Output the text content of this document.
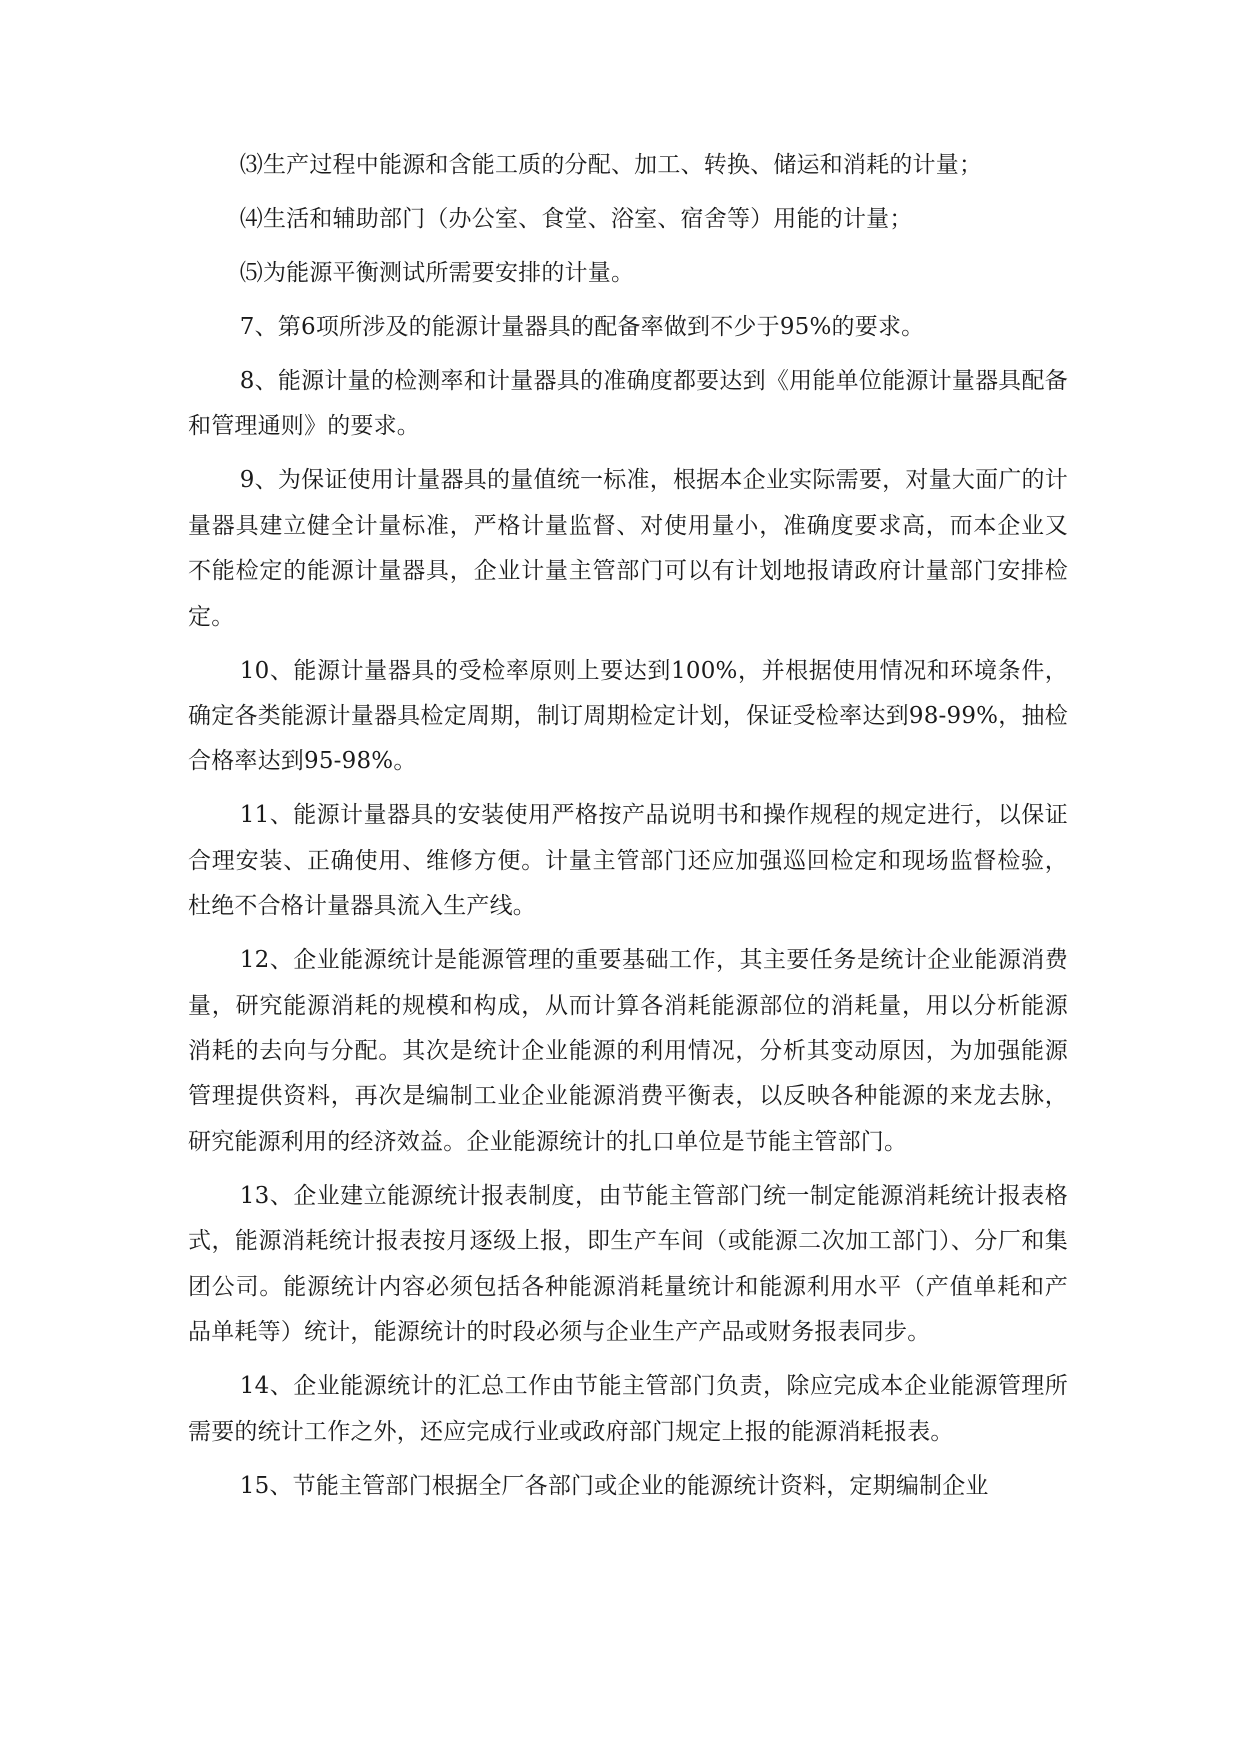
⑶生产过程中能源和含能工质的分配、加工、转换、储运和消耗的计量；

⑷生活和辅助部门（办公室、食堂、浴室、宿舍等）用能的计量；

⑸为能源平衡测试所需要安排的计量。

7、第6项所涉及的能源计量器具的配备率做到不少于95%的要求。

8、能源计量的检测率和计量器具的准确度都要达到《用能单位能源计量器具配备和管理通则》的要求。

9、为保证使用计量器具的量值统一标准，根据本企业实际需要，对量大面广的计量器具建立健全计量标准，严格计量监督、对使用量小，准确度要求高，而本企业又不能检定的能源计量器具，企业计量主管部门可以有计划地报请政府计量部门安排检定。

10、能源计量器具的受检率原则上要达到100%，并根据使用情况和环境条件，确定各类能源计量器具检定周期，制订周期检定计划，保证受检率达到98-99%，抽检合格率达到95-98%。

11、能源计量器具的安装使用严格按产品说明书和操作规程的规定进行，以保证合理安装、正确使用、维修方便。计量主管部门还应加强巡回检定和现场监督检验，杜绝不合格计量器具流入生产线。

12、企业能源统计是能源管理的重要基础工作，其主要任务是统计企业能源消费量，研究能源消耗的规模和构成，从而计算各消耗能源部位的消耗量，用以分析能源消耗的去向与分配。其次是统计企业能源的利用情况，分析其变动原因，为加强能源管理提供资料，再次是编制工业企业能源消费平衡表，以反映各种能源的来龙去脉，研究能源利用的经济效益。企业能源统计的扎口单位是节能主管部门。

13、企业建立能源统计报表制度，由节能主管部门统一制定能源消耗统计报表格式，能源消耗统计报表按月逐级上报，即生产车间（或能源二次加工部门）、分厂和集团公司。能源统计内容必须包括各种能源消耗量统计和能源利用水平（产值单耗和产品单耗等）统计，能源统计的时段必须与企业生产产品或财务报表同步。

14、企业能源统计的汇总工作由节能主管部门负责，除应完成本企业能源管理所需要的统计工作之外，还应完成行业或政府部门规定上报的能源消耗报表。

15、节能主管部门根据全厂各部门或企业的能源统计资料，定期编制企业
